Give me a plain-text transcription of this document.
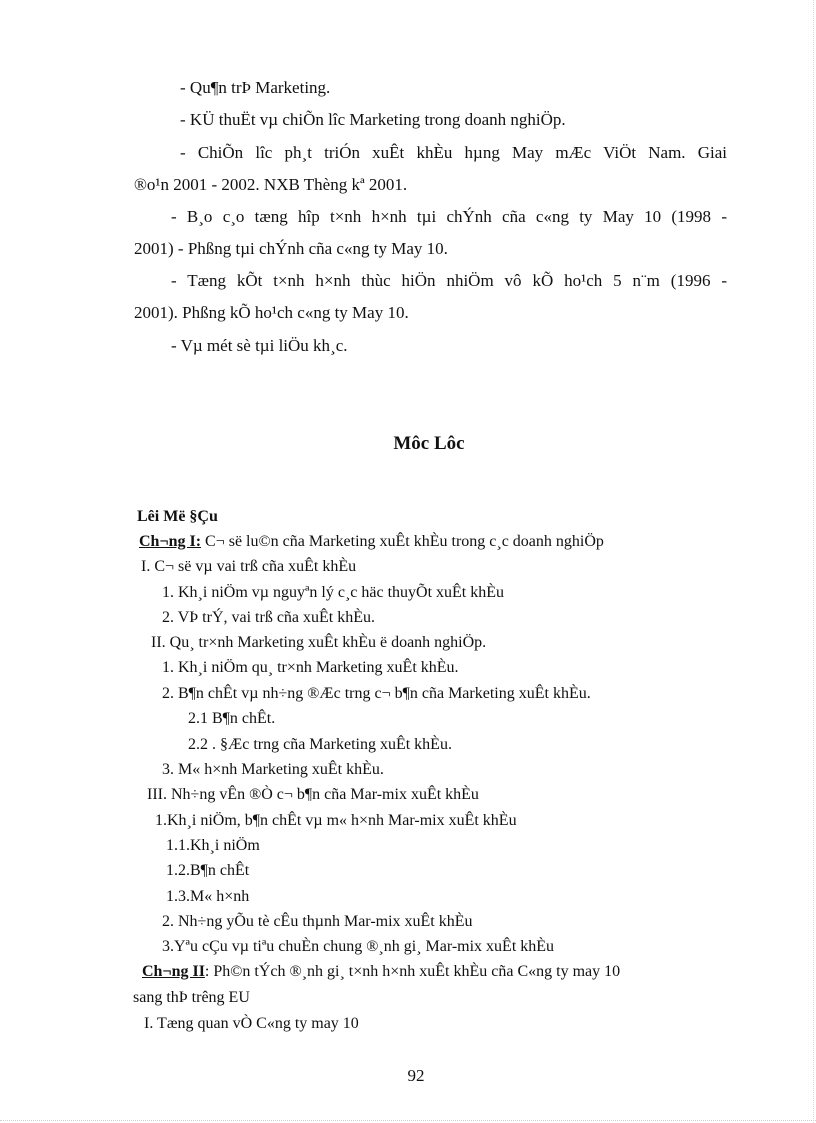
- Qu¶n trÞ Marketing.
- KÜ thuËt vµ chiÕn lîc Marketing trong doanh nghiÖp.
- ChiÕn lîc ph¸t triÓn xuÊt khÈu hµng May mÆc ViÖt Nam. Giai
®o¹n 2001 - 2002. NXB Thèng kª 2001.
- B¸o c¸o tæng hîp t×nh h×nh tµi chÝnh cña c«ng ty May 10 (1998 -
2001) - Phßng tµi chÝnh cña c«ng ty May 10.
- Tæng kÕt t×nh h×nh thùc hiÖn nhiÖm vô kÕ ho¹ch 5 n¨m (1996 -
2001). Phßng kÕ ho¹ch c«ng ty May 10.
- Vµ mét sè tµi liÖu kh¸c.
Môc Lôc
Lêi Më §Çu
Ch¬ng I: C¬ së lu©n cña Marketing xuÊt khÈu trong c¸c doanh nghiÖp
I. C¬ së vµ vai trß cña xuÊt khÈu
1. Kh¸i niÖm vµ nguyªn lý c¸c häc thuyÕt xuÊt khÈu
2. VÞ trÝ, vai trß cña xuÊt khÈu.
II. Qu¸ tr×nh Marketing xuÊt khÈu ë doanh nghiÖp.
1. Kh¸i niÖm qu¸ tr×nh Marketing xuÊt khÈu.
2. B¶n chÊt vµ nh÷ng ®Æc trng c¬ b¶n cña Marketing xuÊt khÈu.
2.1 B¶n chÊt.
2.2 . §Æc trng cña Marketing xuÊt khÈu.
3. M« h×nh Marketing xuÊt khÈu.
III. Nh÷ng vÊn ®Ò c¬ b¶n cña Mar-mix xuÊt khÈu
1.Kh¸i niÖm, b¶n chÊt vµ m« h×nh Mar-mix xuÊt khÈu
1.1.Kh¸i niÖm
1.2.B¶n chÊt
1.3.M« h×nh
2. Nh÷ng yÕu tè cÊu thµnh Mar-mix xuÊt khÈu
3.Yªu cÇu vµ tiªu chuÈn chung ®¸nh gi¸ Mar-mix xuÊt khÈu
Ch¬ng II: Ph©n tÝch ®¸nh gi¸ t×nh h×nh xuÊt khÈu cña C«ng ty may 10
sang thÞ trêng EU
I. Tæng quan vÒ C«ng ty may 10
92
